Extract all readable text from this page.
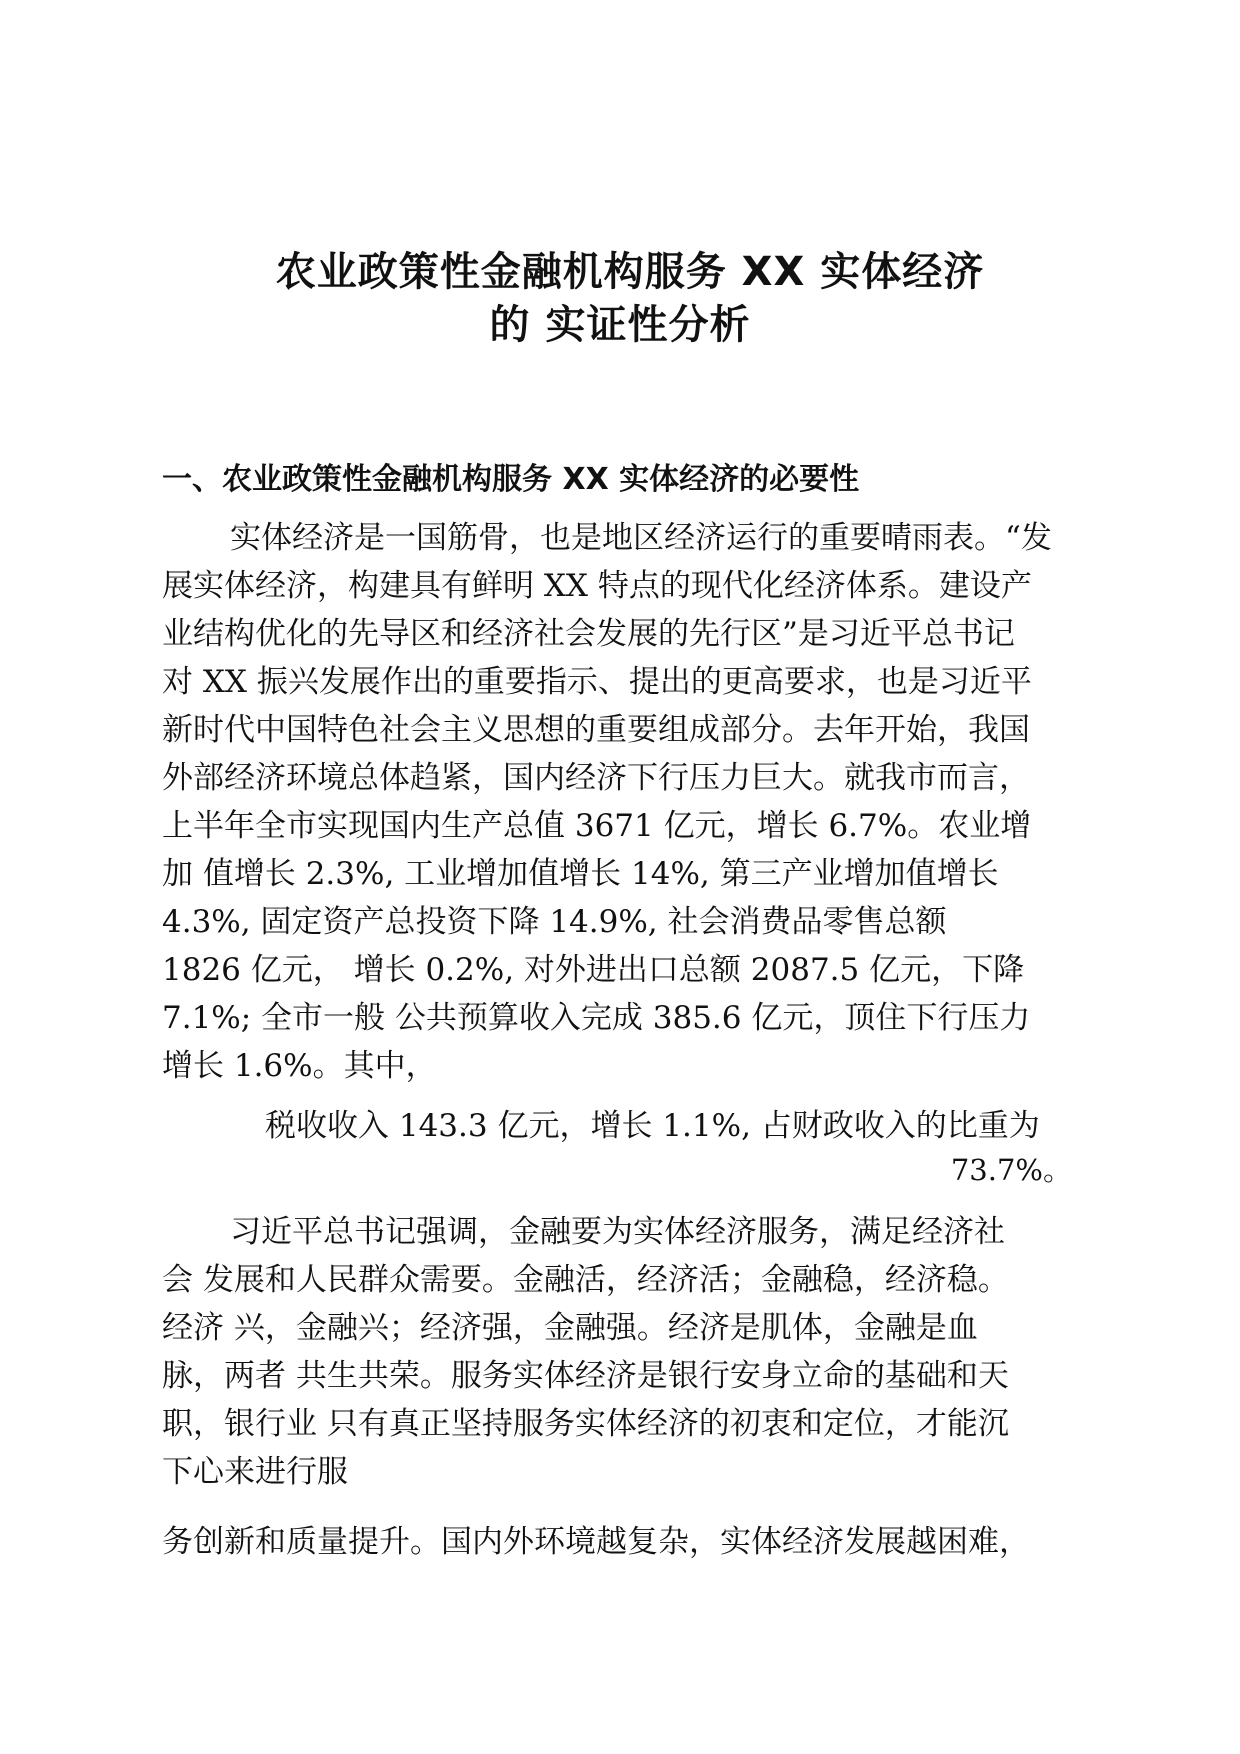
农业政策性金融机构服务 XX 实体经济
的 实证性分析
一、农业政策性金融机构服务 XX 实体经济的必要性
实体经济是一国筋骨，也是地区经济运行的重要晴雨表。“发
展实体经济，构建具有鲜明 XX 特点的现代化经济体系。建设产
业结构优化的先导区和经济社会发展的先行区”是习近平总书记
对 XX 振兴发展作出的重要指示、提出的更高要求，也是习近平
新时代中国特色社会主义思想的重要组成部分。去年开始，我国
外部经济环境总体趋紧，国内经济下行压力巨大。就我市而言，
上半年全市实现国内生产总值 3671 亿元，增长 6.7%。农业增
加 值增长 2.3%, 工业增加值增长 14%, 第三产业增加值增长
4.3%, 固定资产总投资下降 14.9%, 社会消费品零售总额
1826 亿元， 增长 0.2%, 对外进出口总额 2087.5 亿元，下降
7.1%; 全市一般 公共预算收入完成 385.6 亿元，顶住下行压力
增长 1.6%。其中，
税收收入 143.3 亿元，增长 1.1%, 占财政收入的比重为
73.7%。
习近平总书记强调，金融要为实体经济服务，满足经济社
会 发展和人民群众需要。金融活，经济活；金融稳，经济稳。
经济 兴，金融兴；经济强，金融强。经济是肌体，金融是血
脉，两者 共生共荣。服务实体经济是银行安身立命的基础和天
职，银行业 只有真正坚持服务实体经济的初衷和定位，才能沉
下心来进行服
务创新和质量提升。国内外环境越复杂，实体经济发展越困难，
